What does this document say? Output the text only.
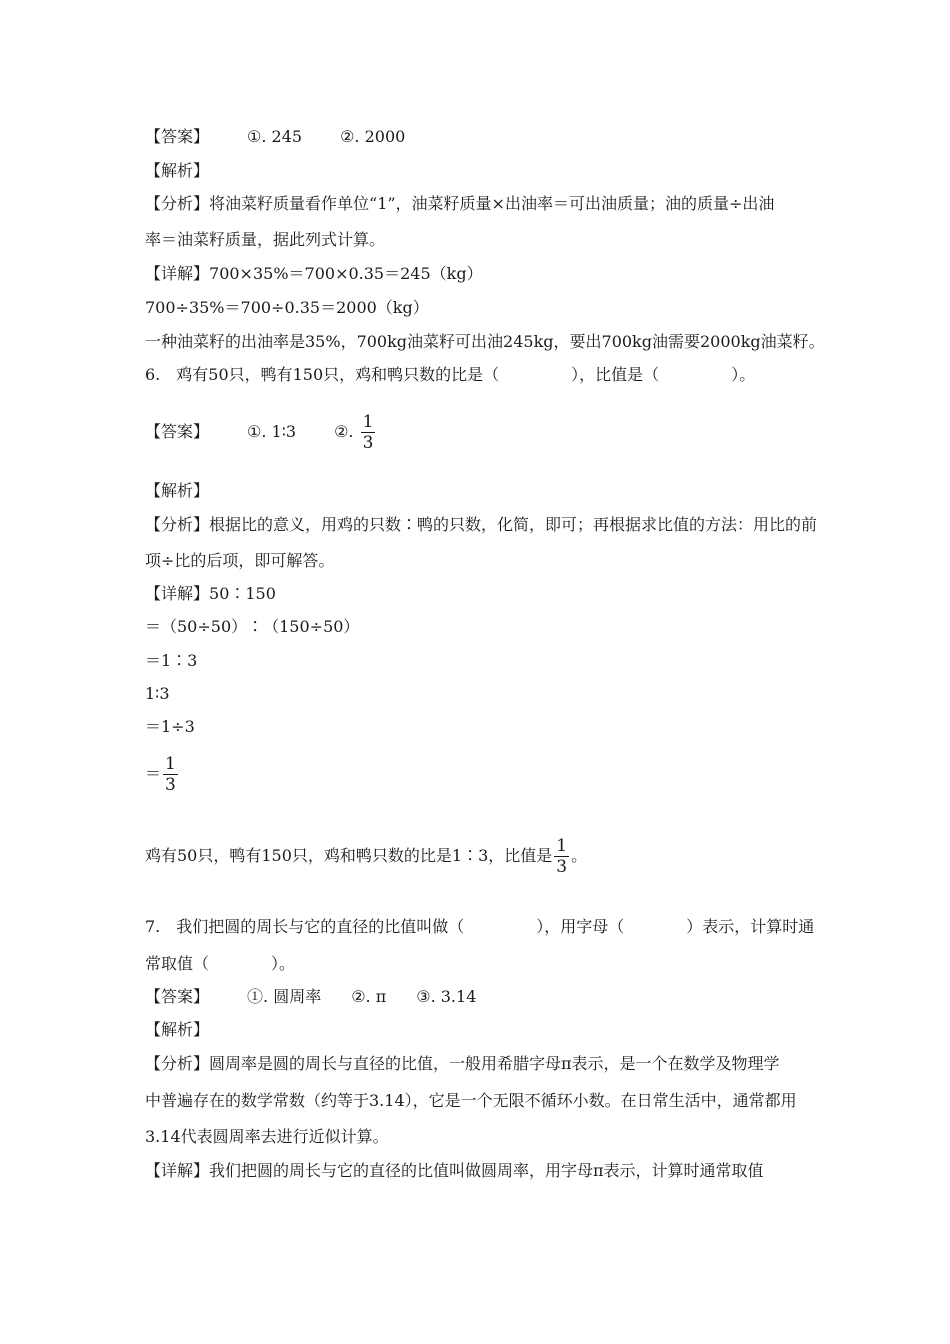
【答案】 ①. 245 ②. 2000
【解析】
【分析】将油菜籽质量看作单位“1”，油菜籽质量×出油率＝可出油质量；油的质量÷出油
率＝油菜籽质量，据此列式计算。
【详解】700×35%＝700×0.35＝245（kg）
700÷35%＝700÷0.35＝2000（kg）
一种油菜籽的出油率是35%，700kg油菜籽可出油245kg，要出700kg油需要2000kg油菜籽。
6.　鸡有50只，鸭有150只，鸡和鸭只数的比是（	），比值是（	）。
【答案】 ①. 1∶3 ②. $\frac{1}{3}$
【解析】
【分析】根据比的意义，用鸡的只数∶鸭的只数，化简，即可；再根据求比值的方法：用比的前
项÷比的后项，即可解答。
【详解】50∶150
＝（50÷50）∶（150÷50）
＝1∶3
1∶3
＝1÷3
＝ $\frac{1}{3}$
鸡有50只，鸭有150只，鸡和鸭只数的比是1∶3，比值是 $\frac{1}{3}$ 。
7.　我们把圆的周长与它的直径的比值叫做（	），用字母（	）表示，计算时通
常取值（	）。
【答案】 ①. 圆周率 ②. π ③. 3.14
【解析】
【分析】圆周率是圆的周长与直径的比值，一般用希腊字母π表示，是一个在数学及物理学
中普遍存在的数学常数（约等于3.14），它是一个无限不循环小数。在日常生活中，通常都用
3.14代表圆周率去进行近似计算。
【详解】我们把圆的周长与它的直径的比值叫做圆周率，用字母π表示，计算时通常取值
